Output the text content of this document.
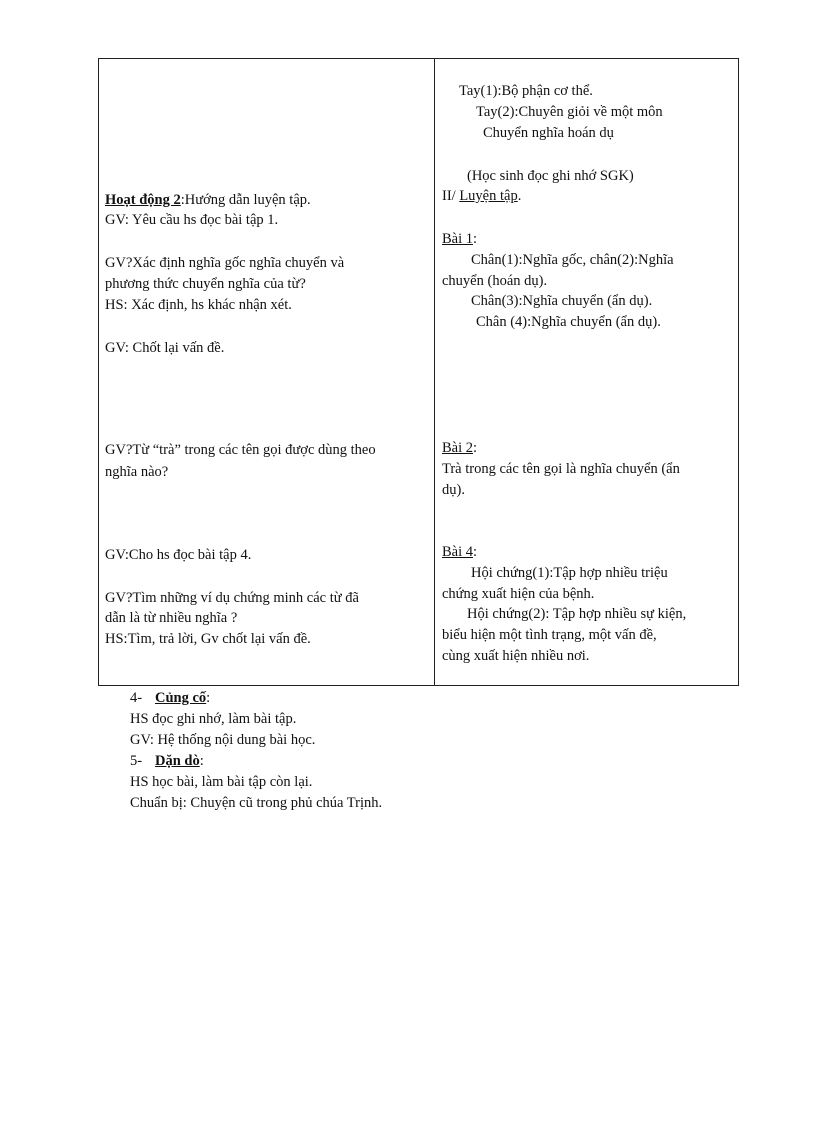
Hoạt động 2:Hướng dẫn luyện tập.
GV: Yêu cầu hs đọc bài tập 1.
GV?Xác định nghĩa gốc nghĩa chuyển và
phương thức chuyển nghĩa của từ?
HS: Xác định, hs khác nhận xét.
GV: Chốt lại vấn đề.
GV?Từ “trà” trong các tên gọi được dùng theo
nghĩa nào?
GV:Cho hs đọc bài tập 4.
GV?Tìm những ví dụ chứng minh các từ đã
dẫn là từ nhiều nghĩa ?
HS:Tìm, trả lời, Gv chốt lại vấn đề.
Tay(1):Bộ phận cơ thể.
Tay(2):Chuyên giỏi về một môn
Chuyển nghĩa hoán dụ
(Học sinh đọc ghi nhớ SGK)
II/ Luyện tập.
Bài 1:
Chân(1):Nghĩa gốc, chân(2):Nghĩa
chuyển (hoán dụ).
Chân(3):Nghĩa chuyển (ẩn dụ).
Chân (4):Nghĩa chuyển (ẩn dụ).
Bài 2:
Trà trong các tên gọi là nghĩa chuyển (ẩn
dụ).
Bài 4:
Hội chứng(1):Tập hợp nhiều triệu
chứng xuất hiện của bệnh.
Hội chứng(2): Tập hợp nhiều sự kiện,
biểu hiện một tình trạng, một vấn đề,
cùng xuất hiện nhiều nơi.
4- Củng cố:
HS đọc ghi nhớ, làm bài tập.
GV: Hệ thống nội dung bài học.
5- Dặn dò:
HS học bài, làm bài tập còn lại.
Chuẩn bị: Chuyện cũ trong phủ chúa Trịnh.
